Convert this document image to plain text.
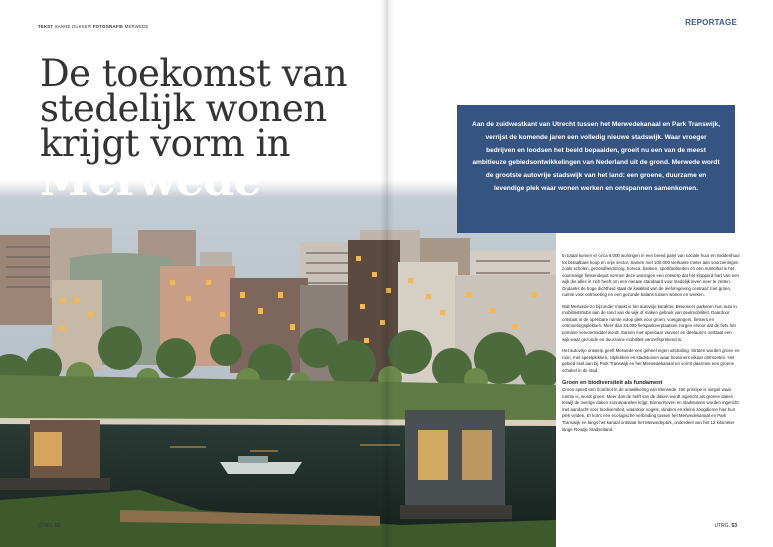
TEKST SANNE DUKKER FOTOGRAFIE MERWEDE	REPORTAGE
De toekomst van
stedelijk wonen
krijgt vorm in
Merwede
Aan de zuidwestkant van Utrecht tussen het Merwedekanaal en Park Transwijk, verrijst de komende jaren een volledig nieuwe stadswijk. Waar vroeger bedrijven en loodsen het beeld bepaalden, groeit nu een van de meest ambitieuze gebiedsontwikkelingen van Nederland uit de grond. Merwede wordt de grootste autovrije stadswijk van het land: een groene, duurzame en levendige plek waar wonen werken en ontspannen samenkomen.

In totaal komen er circa 6.000 woningen in een breed palet van sociale huur en middenhuur tot betaalbare koop en vrije sector. Samen met 100.000 vierkante meter aan voorzieningen zoals scholen, gezondheidszorg, horeca, banken, sportfaciliteiten en een marktihal is het voormalige fietsendepot vormen deze woningen een ontwerp dat het klopperd hart van een wijk die alles in zich heeft om een nieuwe standaard voor stedelijk leven neer te zetten. Ondanks de hoge dichtheid staat de kwaliteit van de leefomgeving centraal: met groen, ruimte voor ontmoeting en een gezonde balans tussen wonen en werken.

Wat Merwede zo bijzonder maakt is het autovrije karakter. Bewoners parkeren hun auto in mobiliteitshubs aan de rand van de wijk of maken gebruik van deelmobiliteit. Daardoor ontstaat in de openbare ruimte volop plek voor groen, voetgangers, fietsers en ontmoetingsplekken. Meer dan 24.000 fietsparkeerplaatsen zorgen ervoor dat de fiets het primaire vervoermiddel wordt. Samen met openbaar vervoer en deelauto's ontstaat een wijk waar gezonde en duurzame mobiliteit vanzelfsprekend is.

Het autovrije ontwerp geeft Merwede een geheel eigen uitstraling. Straten worden groen en ruim, met speelplekken, zitplekken en stadstuinen waar bewoners elkaar ontmoeten. Het gebied sluit aan bij Park Transwijk en het Merwedekanaal en vormt daarmee een groene schakel in de stad.

Groen en biodiversiteit als fundament

Groen speelt een hoofdrol in de ontwikkeling van Merwede. Het principe is simpel waar ruimte is, wordt groen. Meer dan de helft van de daken wordt ingericht als groene daken terwijl de overige daken zonnepanelen krijgt. Binnenhoven en stadstuinen worden ingericht met aandacht voor biodiversiteit, waardoor vogels, vlinders en kleine zoogdieren hier hun plek vinden. Er komt een ecologische verbinding tussen het Merwedekanaal en Park Transwijk en langs het kanaal ontstaat het Merwedepark, onderdeel van het 12 kilometer lange Rondje Stadseiland.

UTRG. 52	UTRG. 53
